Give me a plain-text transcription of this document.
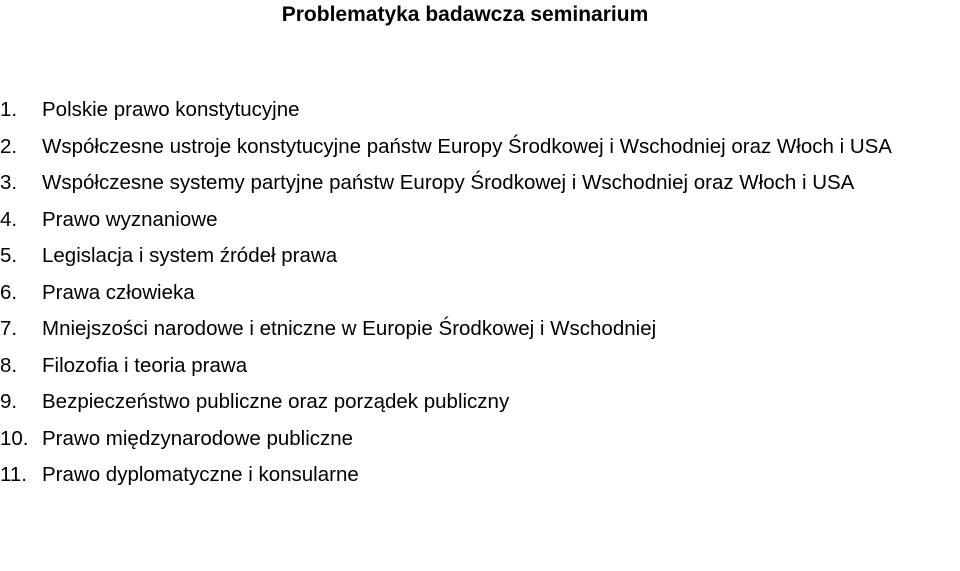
Problematyka badawcza seminarium
1.	Polskie prawo konstytucyjne
2.	Współczesne ustroje konstytucyjne państw Europy Środkowej i Wschodniej oraz Włoch i USA
3.	Współczesne systemy partyjne państw Europy Środkowej i Wschodniej oraz Włoch i USA
4.	Prawo wyznaniowe
5.	Legislacja i system źródeł prawa
6.	Prawa człowieka
7.	Mniejszości narodowe i etniczne w Europie Środkowej i Wschodniej
8.	Filozofia i teoria prawa
9.	Bezpieczeństwo publiczne oraz porządek publiczny
10. Prawo międzynarodowe publiczne
11. Prawo dyplomatyczne i konsularne
